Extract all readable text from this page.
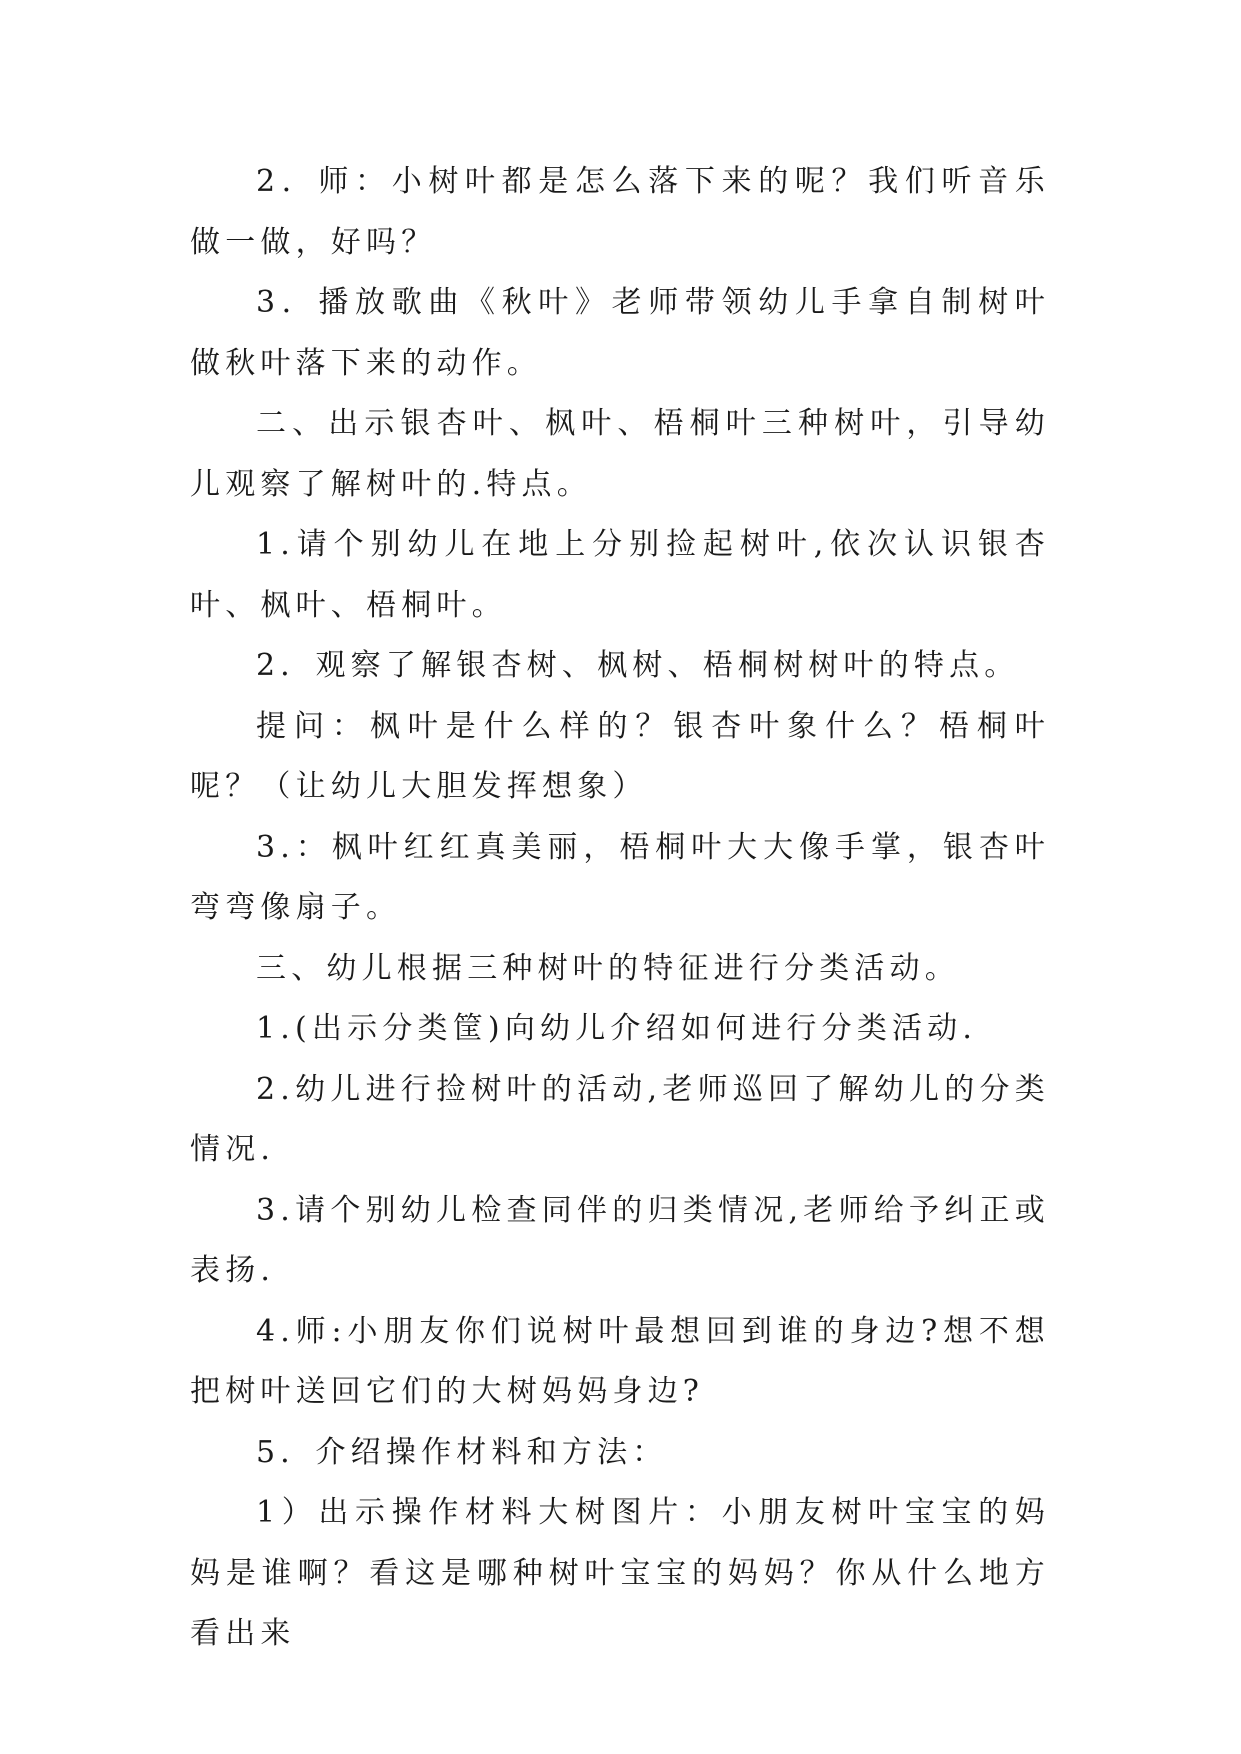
2．师：小树叶都是怎么落下来的呢？我们听音乐做一做，好吗？

3．播放歌曲《秋叶》老师带领幼儿手拿自制树叶做秋叶落下来的动作。

二、出示银杏叶、枫叶、梧桐叶三种树叶，引导幼儿观察了解树叶的.特点。

1.请个别幼儿在地上分别捡起树叶,依次认识银杏叶、枫叶、梧桐叶。

2．观察了解银杏树、枫树、梧桐树树叶的特点。

提问：枫叶是什么样的？银杏叶象什么？梧桐叶呢？（让幼儿大胆发挥想象）

3.：枫叶红红真美丽，梧桐叶大大像手掌，银杏叶弯弯像扇子。

三、幼儿根据三种树叶的特征进行分类活动。

1.(出示分类筐)向幼儿介绍如何进行分类活动.

2.幼儿进行捡树叶的活动,老师巡回了解幼儿的分类情况.

3.请个别幼儿检查同伴的归类情况,老师给予纠正或表扬.

4.师:小朋友你们说树叶最想回到谁的身边?想不想把树叶送回它们的大树妈妈身边?

5．介绍操作材料和方法：

1）出示操作材料大树图片：小朋友树叶宝宝的妈妈是谁啊？看这是哪种树叶宝宝的妈妈？你从什么地方看出来
